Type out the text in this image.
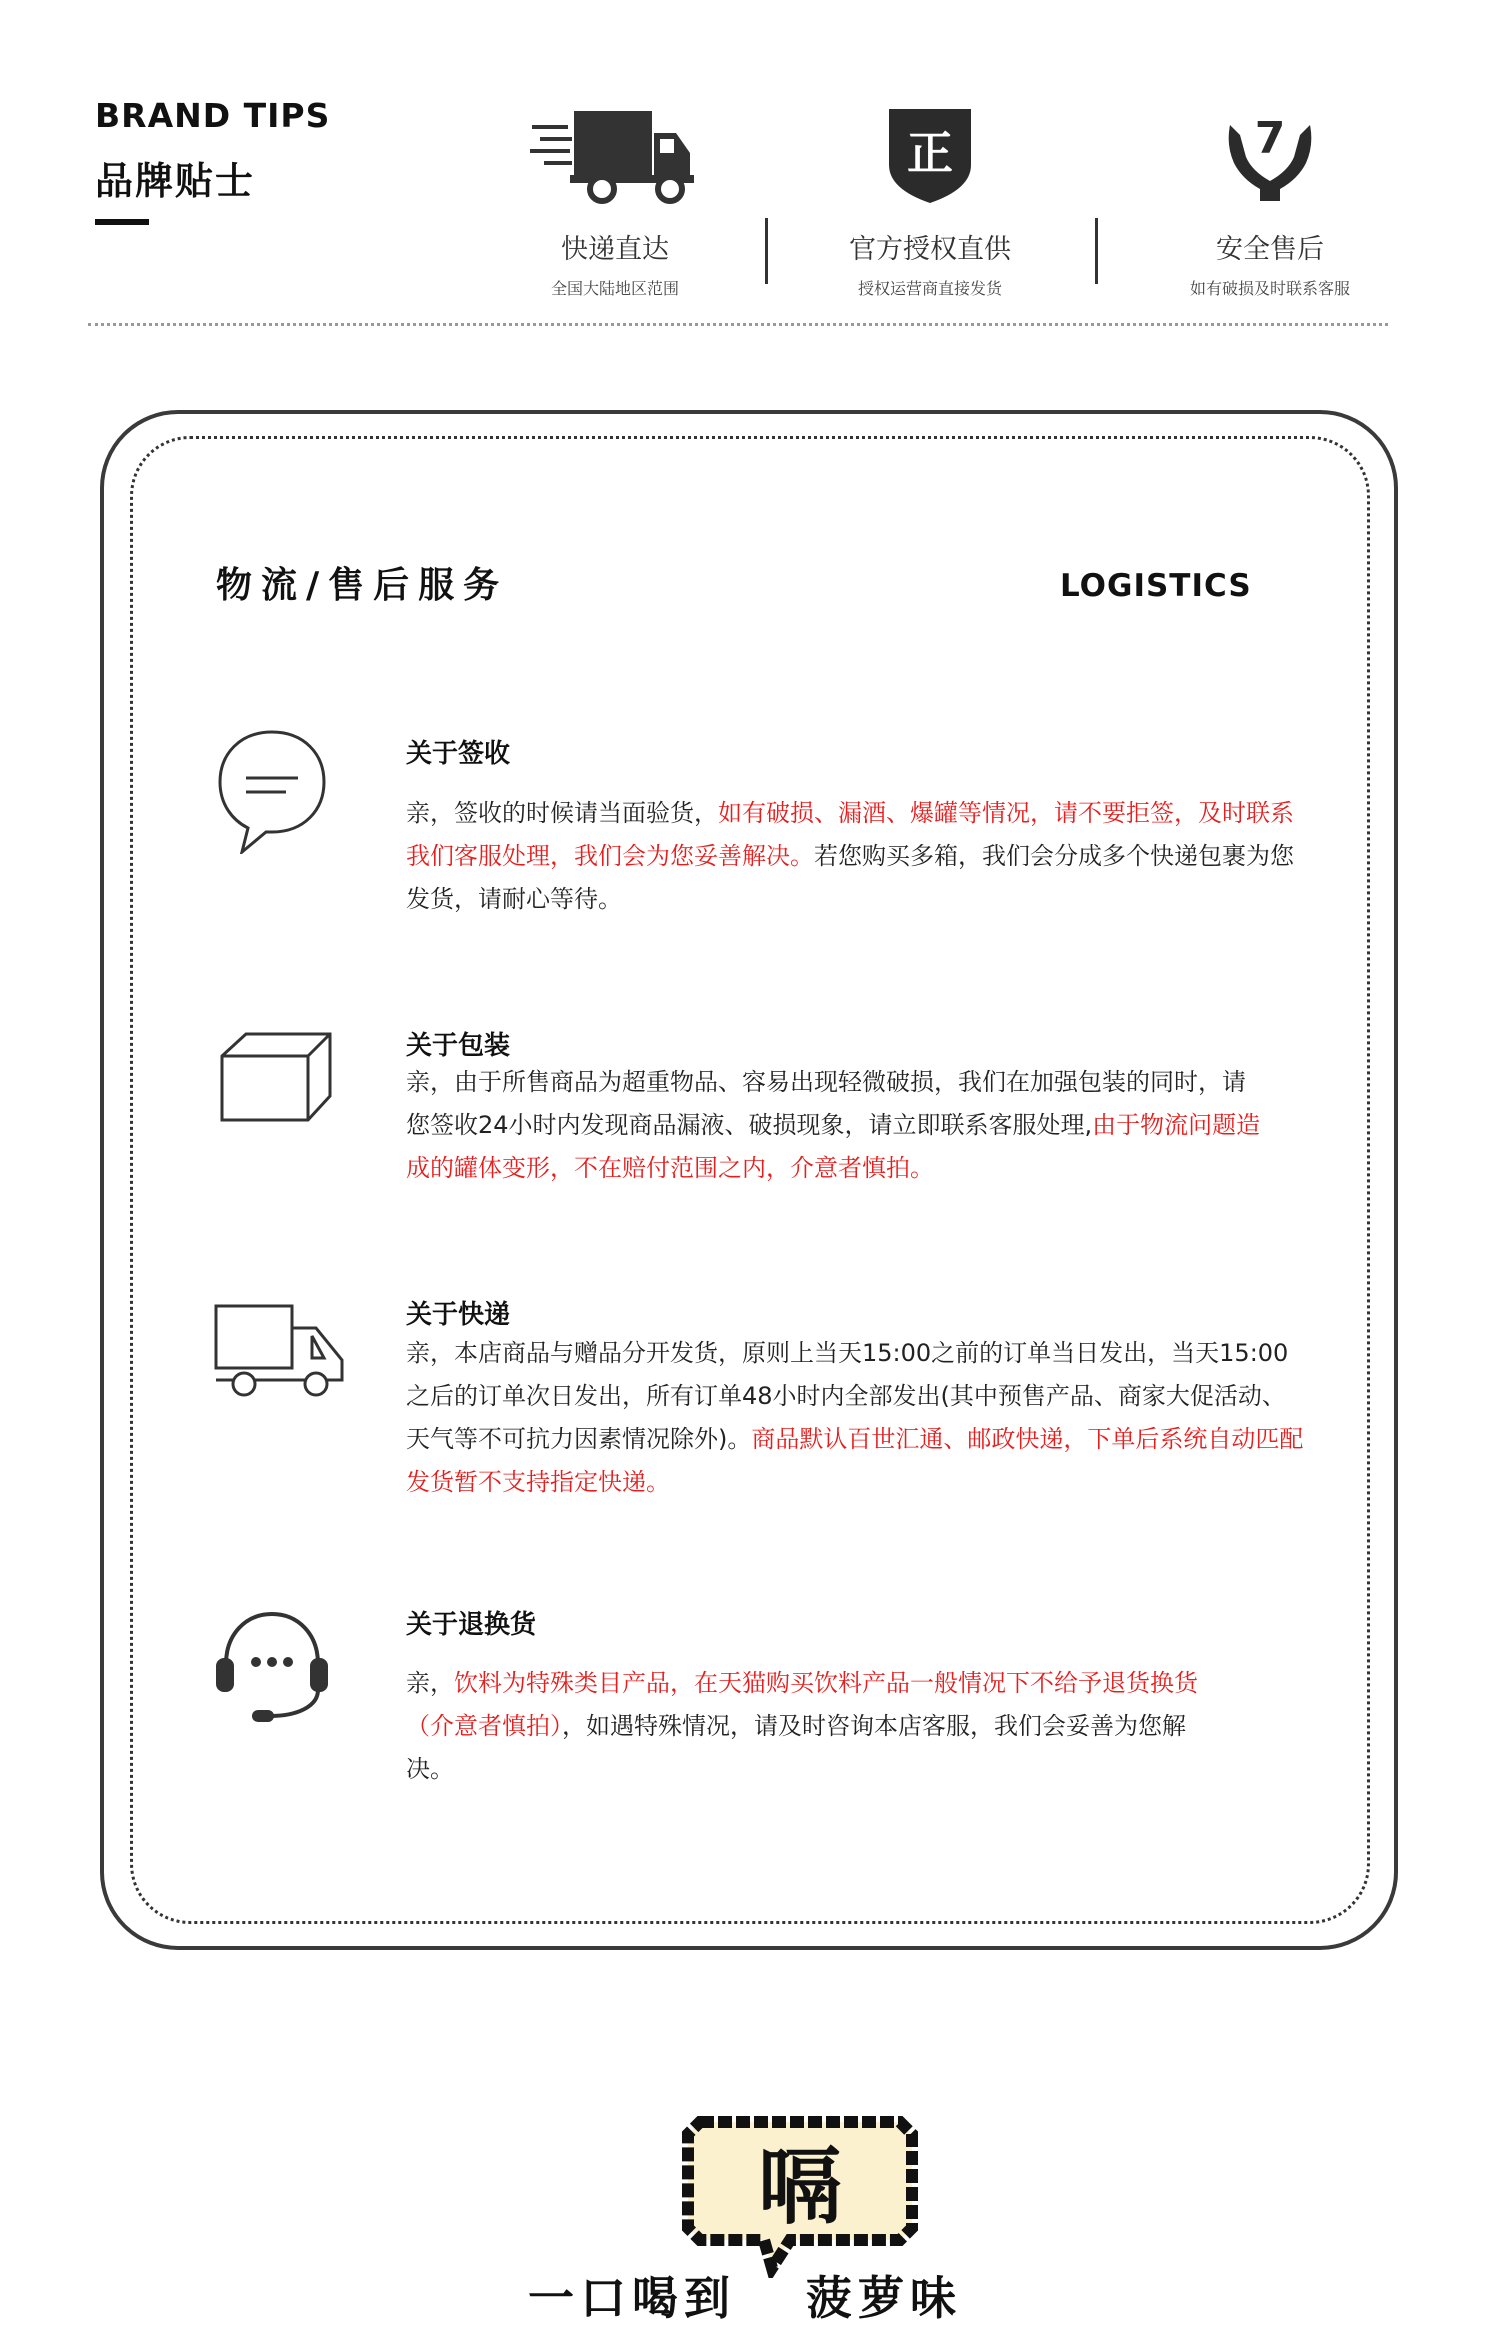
BRAND TIPS
品牌贴士
快递直达
全国大陆地区范围
正
官方授权直供
授权运营商直接发货
7
安全售后
如有破损及时联系客服
物流/售后服务	LOGISTICS
关于签收
亲，签收的时候请当面验货，如有破损、漏酒、爆罐等情况，请不要拒签，及时联系我们客服处理，我们会为您妥善解决。若您购买多箱，我们会分成多个快递包裹为您发货，请耐心等待。
关于包装
亲，由于所售商品为超重物品、容易出现轻微破损，我们在加强包装的同时，请您签收24小时内发现商品漏液、破损现象，请立即联系客服处理,由于物流问题造成的罐体变形，不在赔付范围之内，介意者慎拍。
关于快递
亲，本店商品与赠品分开发货，原则上当天15:00之前的订单当日发出，当天15:00之后的订单次日发出，所有订单48小时内全部发出(其中预售产品、商家大促活动、天气等不可抗力因素情况除外)。商品默认百世汇通、邮政快递，下单后系统自动匹配发货暂不支持指定快递。
关于退换货
亲，饮料为特殊类目产品，在天猫购买饮料产品一般情况下不给予退货换货（介意者慎拍），如遇特殊情况，请及时咨询本店客服，我们会妥善为您解决。
嗝
一口喝到 菠萝味
